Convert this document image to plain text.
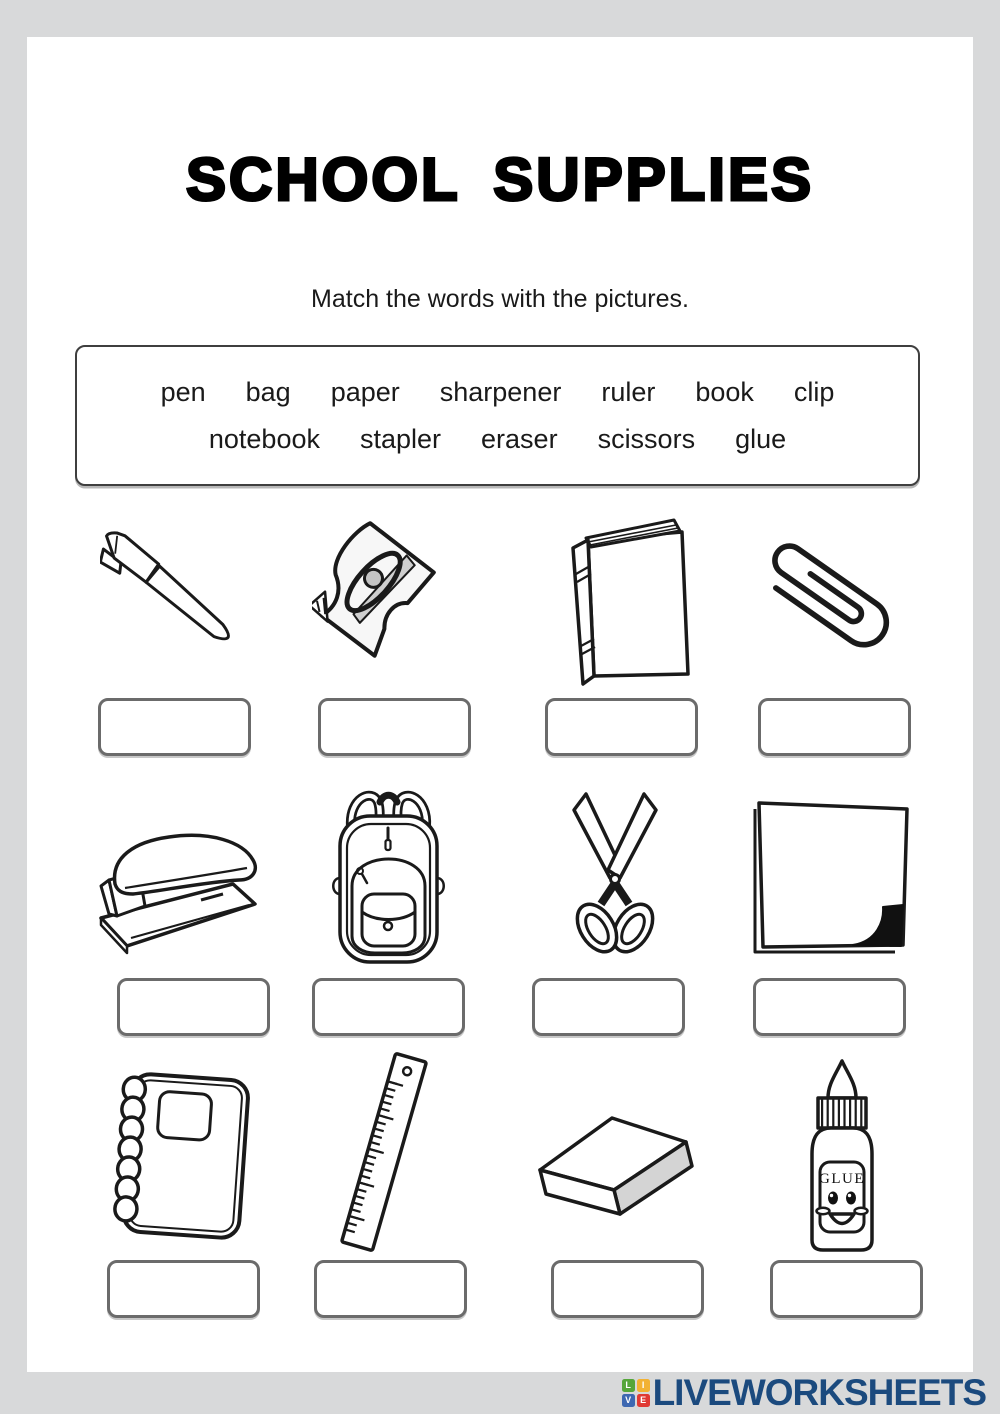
SCHOOL SUPPLIES
Match the words with the pictures.
pen bag paper sharpener ruler book clip
notebook stapler eraser scissors glue
GLUE
L	I
V E LIVEWORKSHEETS
